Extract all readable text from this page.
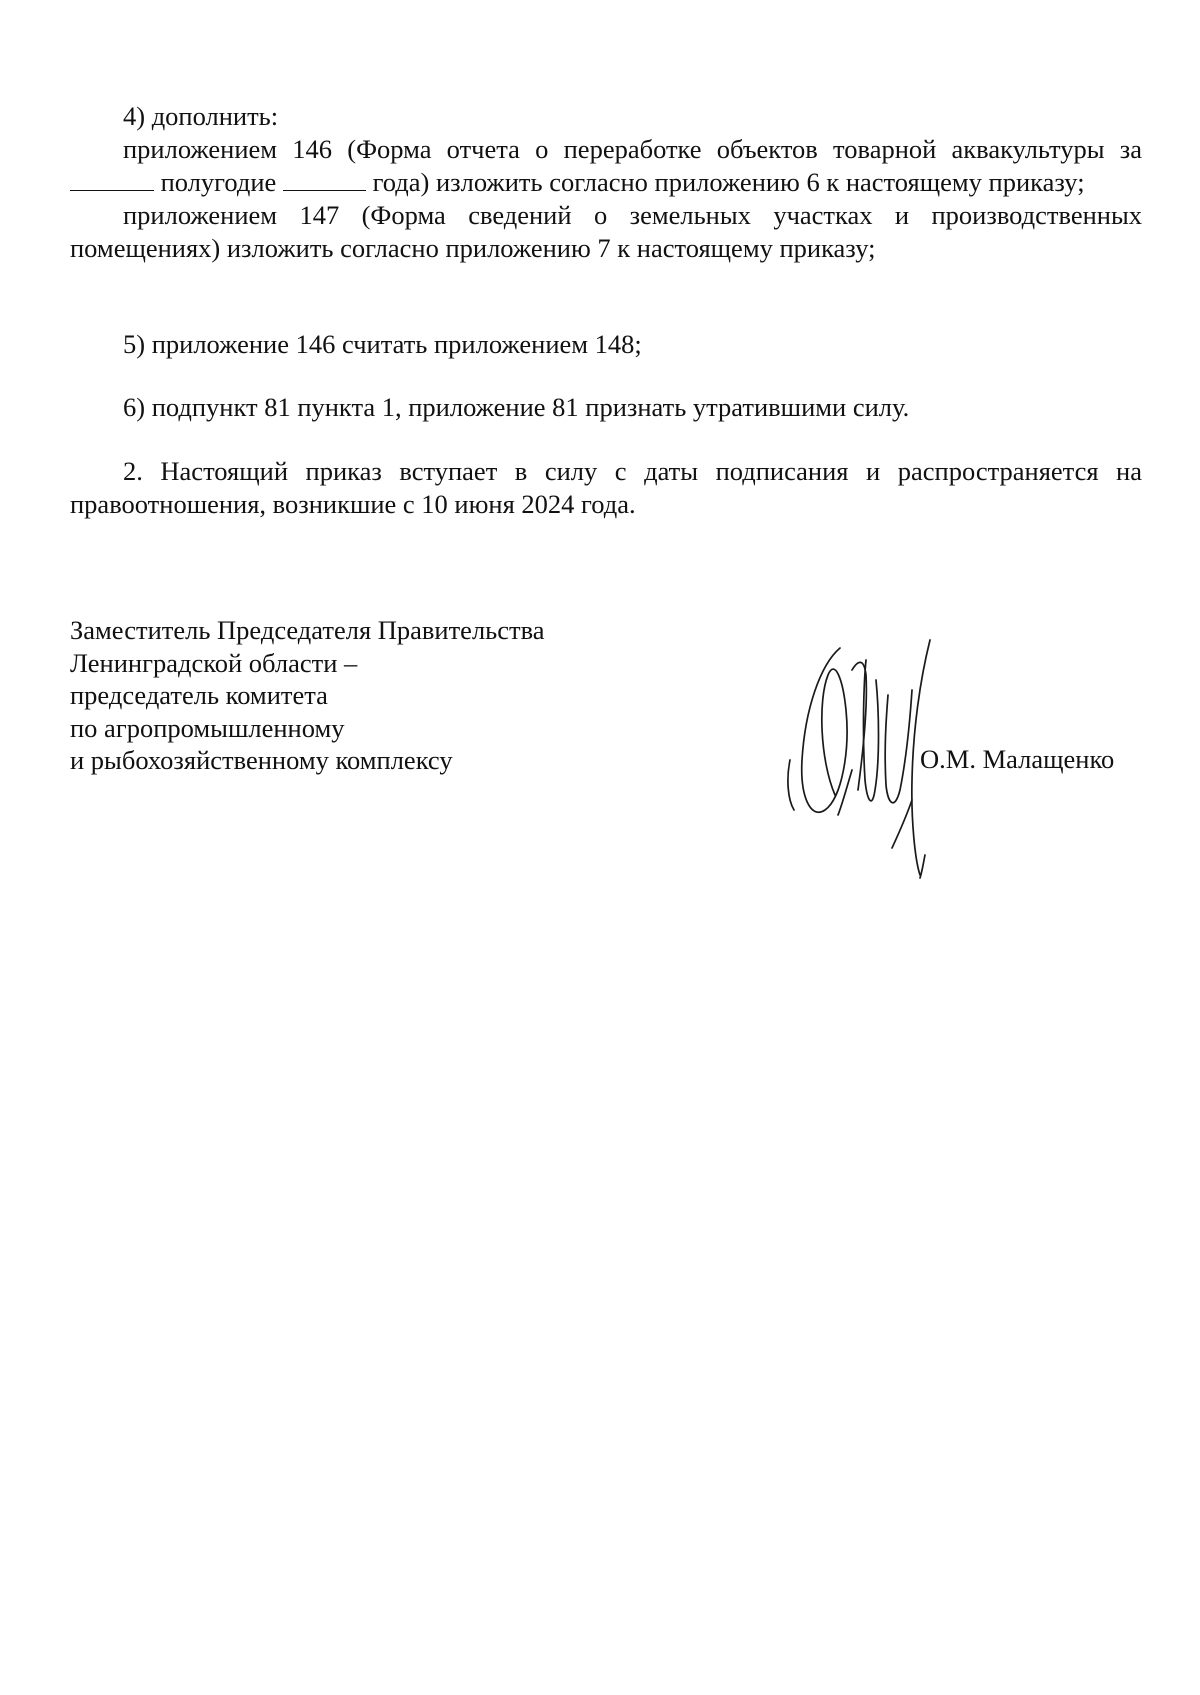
4) дополнить:

приложением 146 (Форма отчета о переработке объектов товарной аквакультуры за  полугодие	года) изложить согласно приложению 6 к настоящему приказу;

приложением 147 (Форма сведений о земельных участках и производственных помещениях) изложить согласно приложению 7 к настоящему приказу;

5) приложение 146 считать приложением 148;

6) подпункт 81 пункта 1, приложение 81 признать утратившими силу.

2. Настоящий приказ вступает в силу с даты подписания и распространяется на правоотношения, возникшие с 10 июня 2024 года.

Заместитель Председателя Правительства
Ленинградской области –
председатель комитета
по агропромышленному
и рыбохозяйственному комплексу	О.М. Малащенко
